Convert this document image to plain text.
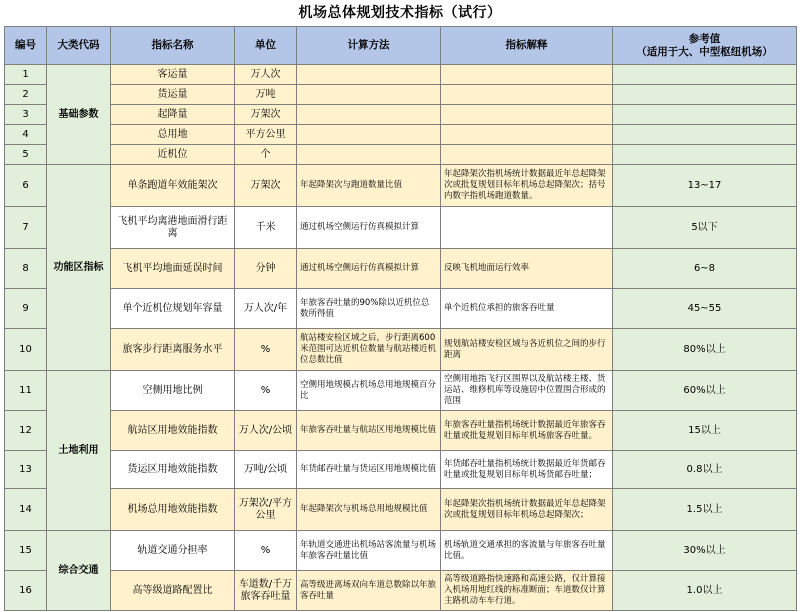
机场总体规划技术指标（试行）
编号	大类代码	指标名称	单位	计算方法	指标解释	参考值
（适用于大、中型枢纽机场）

1	基础参数	客运量	万人次			
2		货运量	万吨			
3		起降量	万架次			
4		总用地	平方公里			
5		近机位	个			
6	功能区指标	单条跑道年效能架次	万架次	年起降架次与跑道数量比值	年起降架次指机场统计数据最近年总起降架次或批复规划目标年机场总起降架次；括号内数字指机场跑道数量。	13~17
7		飞机平均离港地面滑行距离	千米	通过机场空侧运行仿真模拟计算		5以下
8		飞机平均地面延误时间	分钟	通过机场空侧运行仿真模拟计算	反映飞机地面运行效率	6~8
9		单个近机位规划年容量	万人次/年	年旅客吞吐量的90%除以近机位总数所得值	单个近机位承担的旅客吞吐量	45~55
10		旅客步行距离服务水平	%	航站楼安检区域之后，步行距离600米范围可达近机位数量与航站楼近机位总数比值	规划航站楼安检区域与各近机位之间的步行距离	80%以上
11	土地利用	空侧用地比例	%	空侧用地规模占机场总用地规模百分比	空侧用地指飞行区围界以及航站楼主楼、货运站、维修机库等设施居中位置围合形成的范围	60%以上
12		航站区用地效能指数	万人次/公顷	年旅客吞吐量与航站区用地规模比值	年旅客吞吐量指机场统计数据最近年旅客吞吐量或批复规划目标年机场旅客吞吐量。	15以上
13		货运区用地效能指数	万吨/公顷	年货邮吞吐量与货运区用地规模比值	年货邮吞吐量指机场统计数据最近年货邮吞吐量或批复规划目标年机场货邮吞吐量；	0.8以上
14		机场总用地效能指数	万架次/平方公里	年起降架次与机场总用地规模比值	年起降架次指机场统计数据最近年总起降架次或批复规划目标年机场总起降架次；	1.5以上
15	综合交通	轨道交通分担率	%	年轨道交通进出机场站客流量与机场年旅客吞吐量比值	机场轨道交通承担的客流量与年旅客吞吐量比值。	30%以上
16		高等级道路配置比	车道数/千万旅客吞吐量	高等级进离场双向车道总数除以年旅客吞吐量	高等级道路指快速路和高速公路，仅计算接入机场用地红线的标准断面；车道数仅计算主路机动车车行道。	1.0以上
